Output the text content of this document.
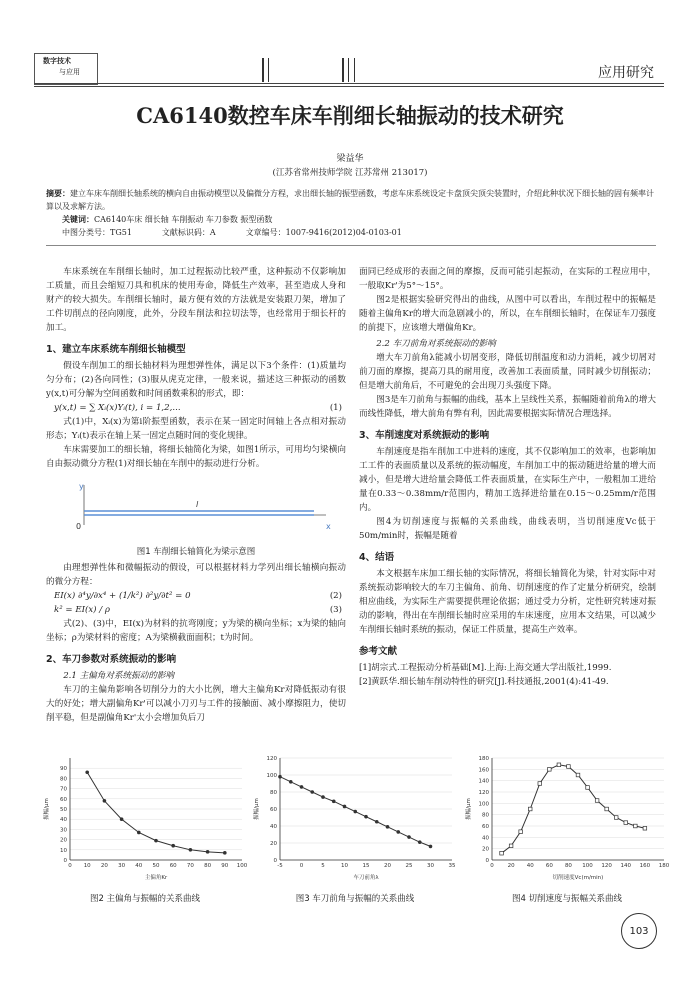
数字技术
与应用	应用研究
CA6140数控车床车削细长轴振动的技术研究
梁益华
(江苏省常州技师学院 江苏常州 213017)
摘要：建立车床车削细长轴系统的横向自由振动模型以及偏微分方程，求出细长轴的振型函数，考虑车床系统设定卡盘顶尖顶尖装置时，介绍此种状况下细长轴的固有频率计算以及求解方法。
关键词：CA6140车床 细长轴 车削振动 车刀参数 振型函数
中图分类号：TG51	文献标识码：A	文章编号：1007-9416(2012)04-0103-01

车床系统在车削细长轴时，加工过程振动比较严重，这种振动不仅影响加工质量，而且会缩短刀具和机床的使用寿命，降低生产效率，甚至造成人身和财产的较大损失。车削细长轴时，最方便有效的方法就是安装跟刀架，增加了工件切削点的径向刚度，此外，分段车削法和拉切法等，也经常用于细长杆的加工。

1、建立车床系统车削细长轴模型

假设车削加工的细长轴材料为理想弹性体，满足以下3个条件：(1)质量均匀分布；(2)各向同性；(3)服从虎克定律，一般来说，描述这三种振动的函数y(x,t)可分解为空间函数和时间函数乘积的形式，即：

y(x,t) = ∑ Xᵢ(x)Yᵢ(t), i = 1,2,...	(1)

式(1)中，Xᵢ(x)为第i阶振型函数，表示在某一固定时间轴上各点相对振动形态；Yᵢ(t)表示在轴上某一固定点随时间的变化规律。

车床需要加工的细长轴，将细长轴简化为梁，如图1所示，可用均匀梁横向自由振动微分方程(1)对细长轴在车削中的振动进行分析。

y
x
0
l
图1 车削细长轴简化为梁示意图

由理想弹性体和微幅振动的假设，可以根据材料力学列出细长轴横向振动的微分方程：

EI(x) ∂⁴y/∂x⁴ + (1/k²) ∂²y/∂t² = 0	(2)
k² = EI(x) / ρ	(3)

式(2)、(3)中，EI(x)为材料的抗弯刚度；y为梁的横向坐标；x为梁的轴向坐标；ρ为梁材料的密度；A为梁横截面面积；t为时间。

2、车刀参数对系统振动的影响
2.1 主偏角对系统振动的影响

车刀的主偏角影响各切削分力的大小比例，增大主偏角Kr对降低振动有很大的好处；增大副偏角Kr'可以减小刀刃与工件的接触面、减小摩擦阻力，使切削平稳，但是副偏角Kr'太小会增加负后刀

面同已经成形的表面之间的摩擦，反而可能引起振动，在实际的工程应用中，一般取Kr'为5°～15°。

图2是根据实验研究得出的曲线，从图中可以看出，车削过程中的振幅是随着主偏角Kr的增大而急剧减小的，所以，在车削细长轴时，在保证车刀强度的前提下，应该增大增偏角Kr。

2.2 车刀前角对系统振动的影响

增大车刀前角λ能减小切屑变形，降低切削温度和动力消耗，减少切屑对前刀面的摩擦，提高刀具的耐用度，改善加工表面质量，同时减少切削振动；但是增大前角后，不可避免的会出现刀头强度下降。

图3是车刀前角与振幅的曲线，基本上呈线性关系，振幅随着前角λ的增大而线性降低，增大前角有弊有利，因此需要根据实际情况合理选择。

3、车削速度对系统振动的影响

车削速度是指车削加工中进料的速度，其不仅影响加工的效率，也影响加工工件的表面质量以及系统的振动幅度，车削加工中的振动随进给量的增大而减小，但是增大进给量会降低工件表面质量，在实际生产中，一般粗加工进给量在0.33～0.38mm/r范围内，精加工选择进给量在0.15～0.25mm/r范围内。

图4为切削速度与振幅的关系曲线，曲线表明，当切削速度Vc低于50m/min时，振幅是随着

4、结语

本文根据车床加工细长轴的实际情况，将细长轴简化为梁，针对实际中对系统振动影响较大的车刀主偏角、前角、切削速度的作了定量分析研究，绘制相应曲线，为实际生产需要提供理论依据；通过受力分析，定性研究转速对振动的影响，得出在车削细长轴时应采用的车床速度，应用本文结果，可以减少车削细长轴时系统的振动，保证工件质量，提高生产效率。

参考文献
[1]胡宗式.工程振动分析基础[M].上海:上海交通大学出版社,1999.
[2]黄跃华.细长轴车削动特性的研究[J].科技通报,2001(4):41-49.
0
10
20
30
40
50
60
70
80
90
0 10 20 30 40 50 60 70 80 90 100
主偏角Kr
振幅/μm
0
20
40
60
80
100
120
-5	0	5	10	15	20	25	30	35
车刀前角λ
振幅/μm
0
20
40
60
80
100
120
140
160
180
0	20 40 60 80 100 120 140 160 180
切削速度Vc(m/min)
振幅/μm
图2 主偏角与振幅的关系曲线	图3 车刀前角与振幅的关系曲线	图4 切削速度与振幅关系曲线
103
